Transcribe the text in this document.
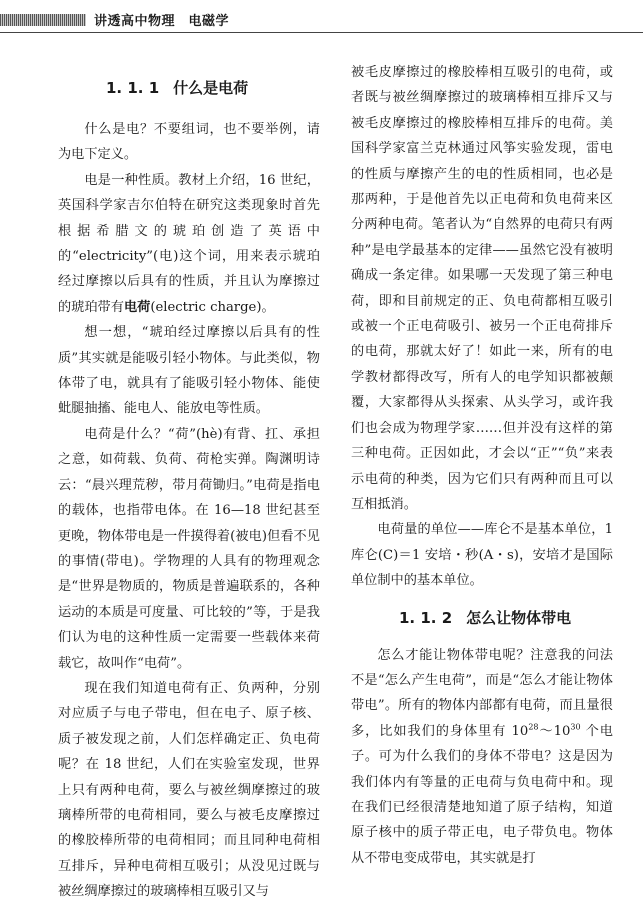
讲透高中物理　电磁学
1. 1. 1 什么是电荷

什么是电？不要组词，也不要举例，请为电下定义。

电是一种性质。教材上介绍，16 世纪，英国科学家吉尔伯特在研究这类现象时首先根据希腊文的琥珀创造了英语中的“electricity”(电)这个词，用来表示琥珀经过摩擦以后具有的性质，并且认为摩擦过的琥珀带有电荷(electric charge)。

想一想，“琥珀经过摩擦以后具有的性质”其实就是能吸引轻小物体。与此类似，物体带了电，就具有了能吸引轻小物体、能使蚍腿抽搐、能电人、能放电等性质。

电荷是什么？“荷”(hè)有背、扛、承担之意，如荷载、负荷、荷枪实弹。陶渊明诗云：“晨兴理荒秽，带月荷锄归。”电荷是指电的载体，也指带电体。在 16—18 世纪甚至更晚，物体带电是一件摸得着(被电)但看不见的事情(带电)。学物理的人具有的物理观念是“世界是物质的，物质是普遍联系的，各种运动的本质是可度量、可比较的”等，于是我们认为电的这种性质一定需要一些载体来荷载它，故叫作“电荷”。

现在我们知道电荷有正、负两种，分别对应质子与电子带电，但在电子、原子核、质子被发现之前，人们怎样确定正、负电荷呢？在 18 世纪，人们在实验室发现，世界上只有两种电荷，要么与被丝绸摩擦过的玻璃棒所带的电荷相同，要么与被毛皮摩擦过的橡胶棒所带的电荷相同；而且同种电荷相互排斥，异种电荷相互吸引；从没见过既与被丝绸摩擦过的玻璃棒相互吸引又与

被毛皮摩擦过的橡胶棒相互吸引的电荷，或者既与被丝绸摩擦过的玻璃棒相互排斥又与被毛皮摩擦过的橡胶棒相互排斥的电荷。美国科学家富兰克林通过风筝实验发现，雷电的性质与摩擦产生的电的性质相同，也必是那两种，于是他首先以正电荷和负电荷来区分两种电荷。笔者认为“自然界的电荷只有两种”是电学最基本的定律——虽然它没有被明确成一条定律。如果哪一天发现了第三种电荷，即和目前规定的正、负电荷都相互吸引或被一个正电荷吸引、被另一个正电荷排斥的电荷，那就太好了！如此一来，所有的电学教材都得改写，所有人的电学知识都被颠覆，大家都得从头探索、从头学习，或许我们也会成为物理学家……但并没有这样的第三种电荷。正因如此，才会以“正”“负”来表示电荷的种类，因为它们只有两种而且可以互相抵消。

电荷量的单位——库仑不是基本单位，1 库仑(C)＝1 安培・秒(A・s)，安培才是国际单位制中的基本单位。

1. 1. 2 怎么让物体带电

怎么才能让物体带电呢？注意我的问法不是“怎么产生电荷”，而是“怎么才能让物体带电”。所有的物体内部都有电荷，而且量很多，比如我们的身体里有 $10^{28}\sim 10^{30}$ 个电子。可为什么我们的身体不带电？这是因为我们体内有等量的正电荷与负电荷中和。现在我们已经很清楚地知道了原子结构，知道原子核中的质子带正电，电子带负电。物体从不带电变成带电，其实就是打
